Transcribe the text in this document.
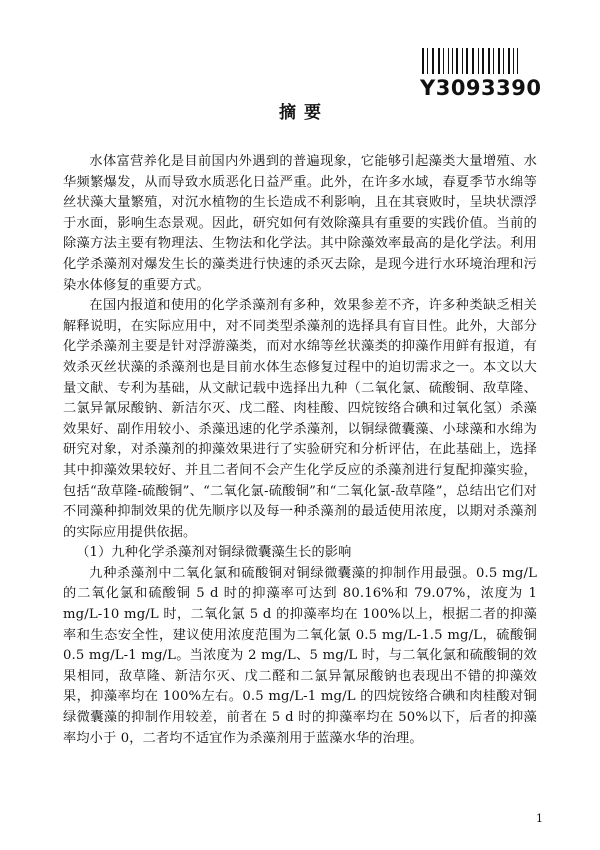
Y3093390
摘要

水体富营养化是目前国内外遇到的普遍现象，它能够引起藻类大量增殖、水华频繁爆发，从而导致水质恶化日益严重。此外，在许多水域，春夏季节水绵等丝状藻大量繁殖，对沉水植物的生长造成不利影响，且在其衰败时，呈块状漂浮于水面，影响生态景观。因此，研究如何有效除藻具有重要的实践价值。当前的除藻方法主要有物理法、生物法和化学法。其中除藻效率最高的是化学法。利用化学杀藻剂对爆发生长的藻类进行快速的杀灭去除，是现今进行水环境治理和污染水体修复的重要方式。

在国内报道和使用的化学杀藻剂有多种，效果参差不齐，许多种类缺乏相关解释说明，在实际应用中，对不同类型杀藻剂的选择具有盲目性。此外，大部分化学杀藻剂主要是针对浮游藻类，而对水绵等丝状藻类的抑藻作用鲜有报道，有效杀灭丝状藻的杀藻剂也是目前水体生态修复过程中的迫切需求之一。本文以大量文献、专利为基础，从文献记载中选择出九种（二氧化氯、硫酸铜、敌草隆、二氯异氰尿酸钠、新洁尔灭、戊二醛、肉桂酸、四烷铵络合碘和过氧化氢）杀藻效果好、副作用较小、杀藻迅速的化学杀藻剂，以铜绿微囊藻、小球藻和水绵为研究对象，对杀藻剂的抑藻效果进行了实验研究和分析评估，在此基础上，选择其中抑藻效果较好、并且二者间不会产生化学反应的杀藻剂进行复配抑藻实验，包括“敌草隆-硫酸铜”、“二氧化氯-硫酸铜”和“二氧化氯-敌草隆”，总结出它们对不同藻种抑制效果的优先顺序以及每一种杀藻剂的最适使用浓度，以期对杀藻剂的实际应用提供依据。

（1）九种化学杀藻剂对铜绿微囊藻生长的影响

九种杀藻剂中二氧化氯和硫酸铜对铜绿微囊藻的抑制作用最强。0.5 mg/L 的二氧化氯和硫酸铜 5 d 时的抑藻率可达到 80.16%和 79.07%，浓度为 1 mg/L-10 mg/L 时，二氧化氯 5 d 的抑藻率均在 100%以上，根据二者的抑藻率和生态安全性，建议使用浓度范围为二氧化氯 0.5 mg/L-1.5 mg/L，硫酸铜 0.5 mg/L-1 mg/L。当浓度为 2 mg/L、5 mg/L 时，与二氧化氯和硫酸铜的效果相同，敌草隆、新洁尔灭、戊二醛和二氯异氰尿酸钠也表现出不错的抑藻效果，抑藻率均在 100%左右。0.5 mg/L-1 mg/L 的四烷铵络合碘和肉桂酸对铜绿微囊藻的抑制作用较差，前者在 5 d 时的抑藻率均在 50%以下，后者的抑藻率均小于 0，二者均不适宜作为杀藻剂用于蓝藻水华的治理。

1
